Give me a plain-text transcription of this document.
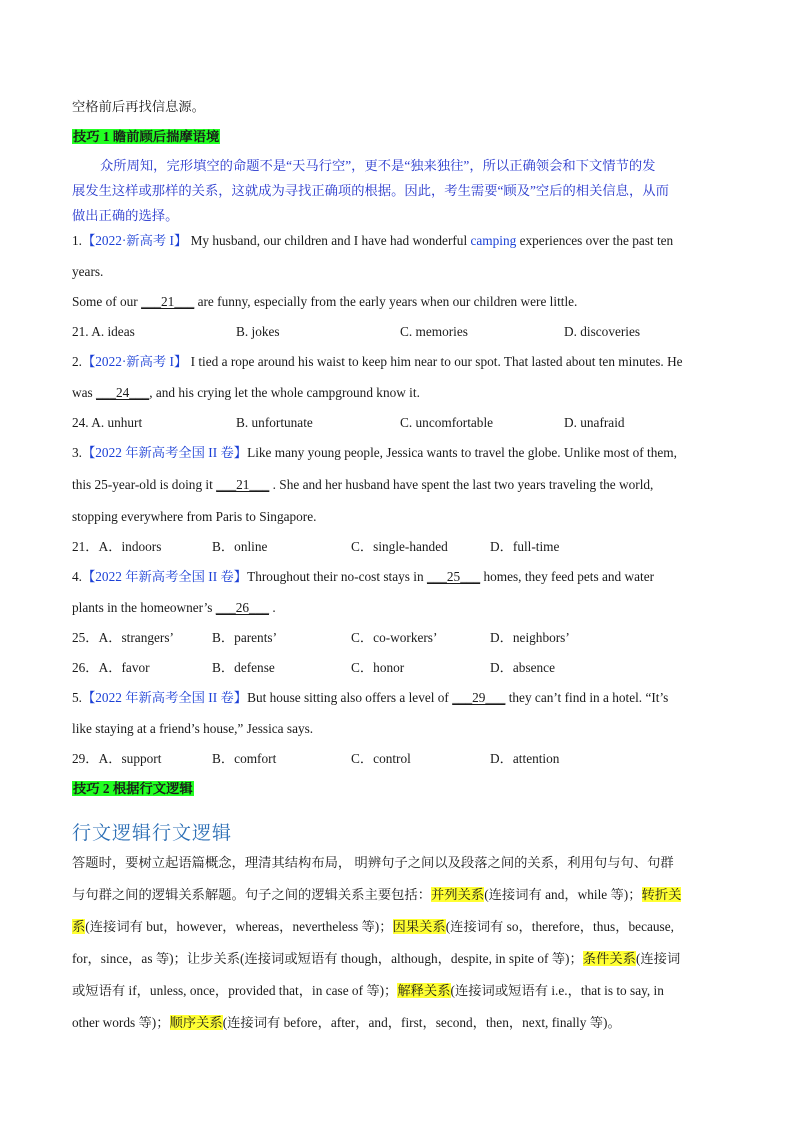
空格前后再找信息源。
技巧 1 瞻前顾后揣摩语境
众所周知，完形填空的命题不是“天马行空”，更不是“独来独往”，所以正确领会和下文情节的发
展发生这样或那样的关系，这就成为寻找正确项的根据。因此，考生需要“顾及”空后的相关信息，从而
做出正确的选择。
1.【2022·新高考 I】 My husband, our children and I have had wonderful camping experiences over the past ten
years.
Some of our ___21___ are funny, especially from the early years when our children were little.
21. A. ideas	B. jokes	C. memories	D. discoveries
2.【2022·新高考 I】 I tied a rope around his waist to keep him near to our spot. That lasted about ten minutes. He
was ___24___, and his crying let the whole campground know it.
24. A. unhurt	B. unfortunate	C. uncomfortable	D. unafraid
3.【2022 年新高考全国 II 卷】Like many young people, Jessica wants to travel the globe. Unlike most of them,
this 25-year-old is doing it ___21___ . She and her husband have spent the last two years traveling the world,
stopping everywhere from Paris to Singapore.
21．A．indoors	B．online	C．single-handed	D．full-time
4.【2022 年新高考全国 II 卷】Throughout their no-cost stays in ___25___ homes, they feed pets and water
plants in the homeowner’s ___26___ .
25．A．strangers’	B．parents’	C．co-workers’	D．neighbors’
26．A．favor	B．defense	C．honor	D．absence
5.【2022 年新高考全国 II 卷】But house sitting also offers a level of ___29___ they can’t find in a hotel. “It’s
like staying at a friend’s house,” Jessica says.
29．A．support	B．comfort	C．control	D．attention
技巧 2 根据行文逻辑
行文逻辑行文逻辑
答题时，要树立起语篇概念，理清其结构布局， 明辨句子之间以及段落之间的关系，利用句与句、句群
与句群之间的逻辑关系解题。句子之间的逻辑关系主要包括：并列关系(连接词有 and，while 等)；转折关
系(连接词有 but，however，whereas，nevertheless 等)；因果关系(连接词有 so，therefore，thus，because,
for，since，as 等)；让步关系(连接词或短语有 though，although，despite, in spite of 等)；条件关系(连接词
或短语有 if，unless, once，provided that，in case of 等)；解释关系(连接词或短语有 i.e.，that is to say, in
other words 等)；顺序关系(连接词有 before，after，and，first，second，then，next, finally 等)。
